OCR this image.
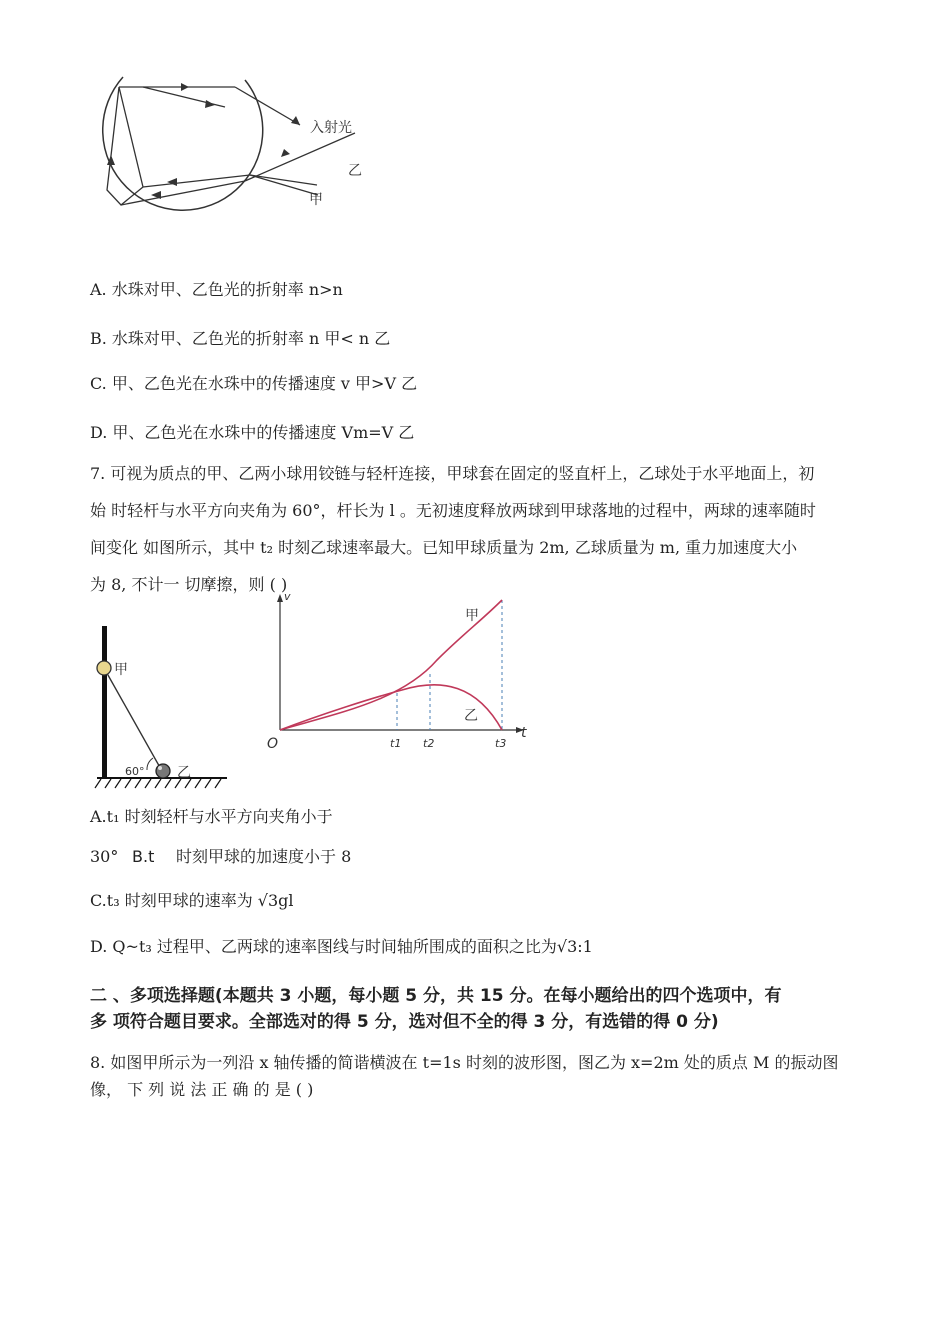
入射光
乙
甲
A. 水珠对甲、乙色光的折射率 n>n
B. 水珠对甲、乙色光的折射率 n 甲< n 乙
C. 甲、乙色光在水珠中的传播速度 v 甲>V 乙
D. 甲、乙色光在水珠中的传播速度 Vm=V 乙
7. 可视为质点的甲、乙两小球用铰链与轻杆连接，甲球套在固定的竖直杆上，乙球处于水平地面上，初
始 时轻杆与水平方向夹角为 60°，杆长为 l 。无初速度释放两球到甲球落地的过程中，两球的速率随时
间变化 如图所示，其中 t₂ 时刻乙球速率最大。已知甲球质量为 2m, 乙球质量为 m, 重力加速度大小
为 8, 不计一 切摩擦，则 ( )
甲
乙
60°
v
t
O
甲
乙
t1 t2	t3
A.t₁ 时刻轻杆与水平方向夹角小于
30° B.t 时刻甲球的加速度小于 8
C.t₃ 时刻甲球的速率为 √3gl
D. Q~t₃ 过程甲、乙两球的速率图线与时间轴所围成的面积之比为√3:1
二 、多项选择题(本题共 3 小题，每小题 5 分，共 15 分。在每小题给出的四个选项中，有
多 项符合题目要求。全部选对的得 5 分，选对但不全的得 3 分，有选错的得 0 分)
8. 如图甲所示为一列沿 x 轴传播的简谐横波在 t=1s 时刻的波形图，图乙为 x=2m 处的质点 M 的振动图
像， 下 列 说 法 正 确 的 是 ( )
